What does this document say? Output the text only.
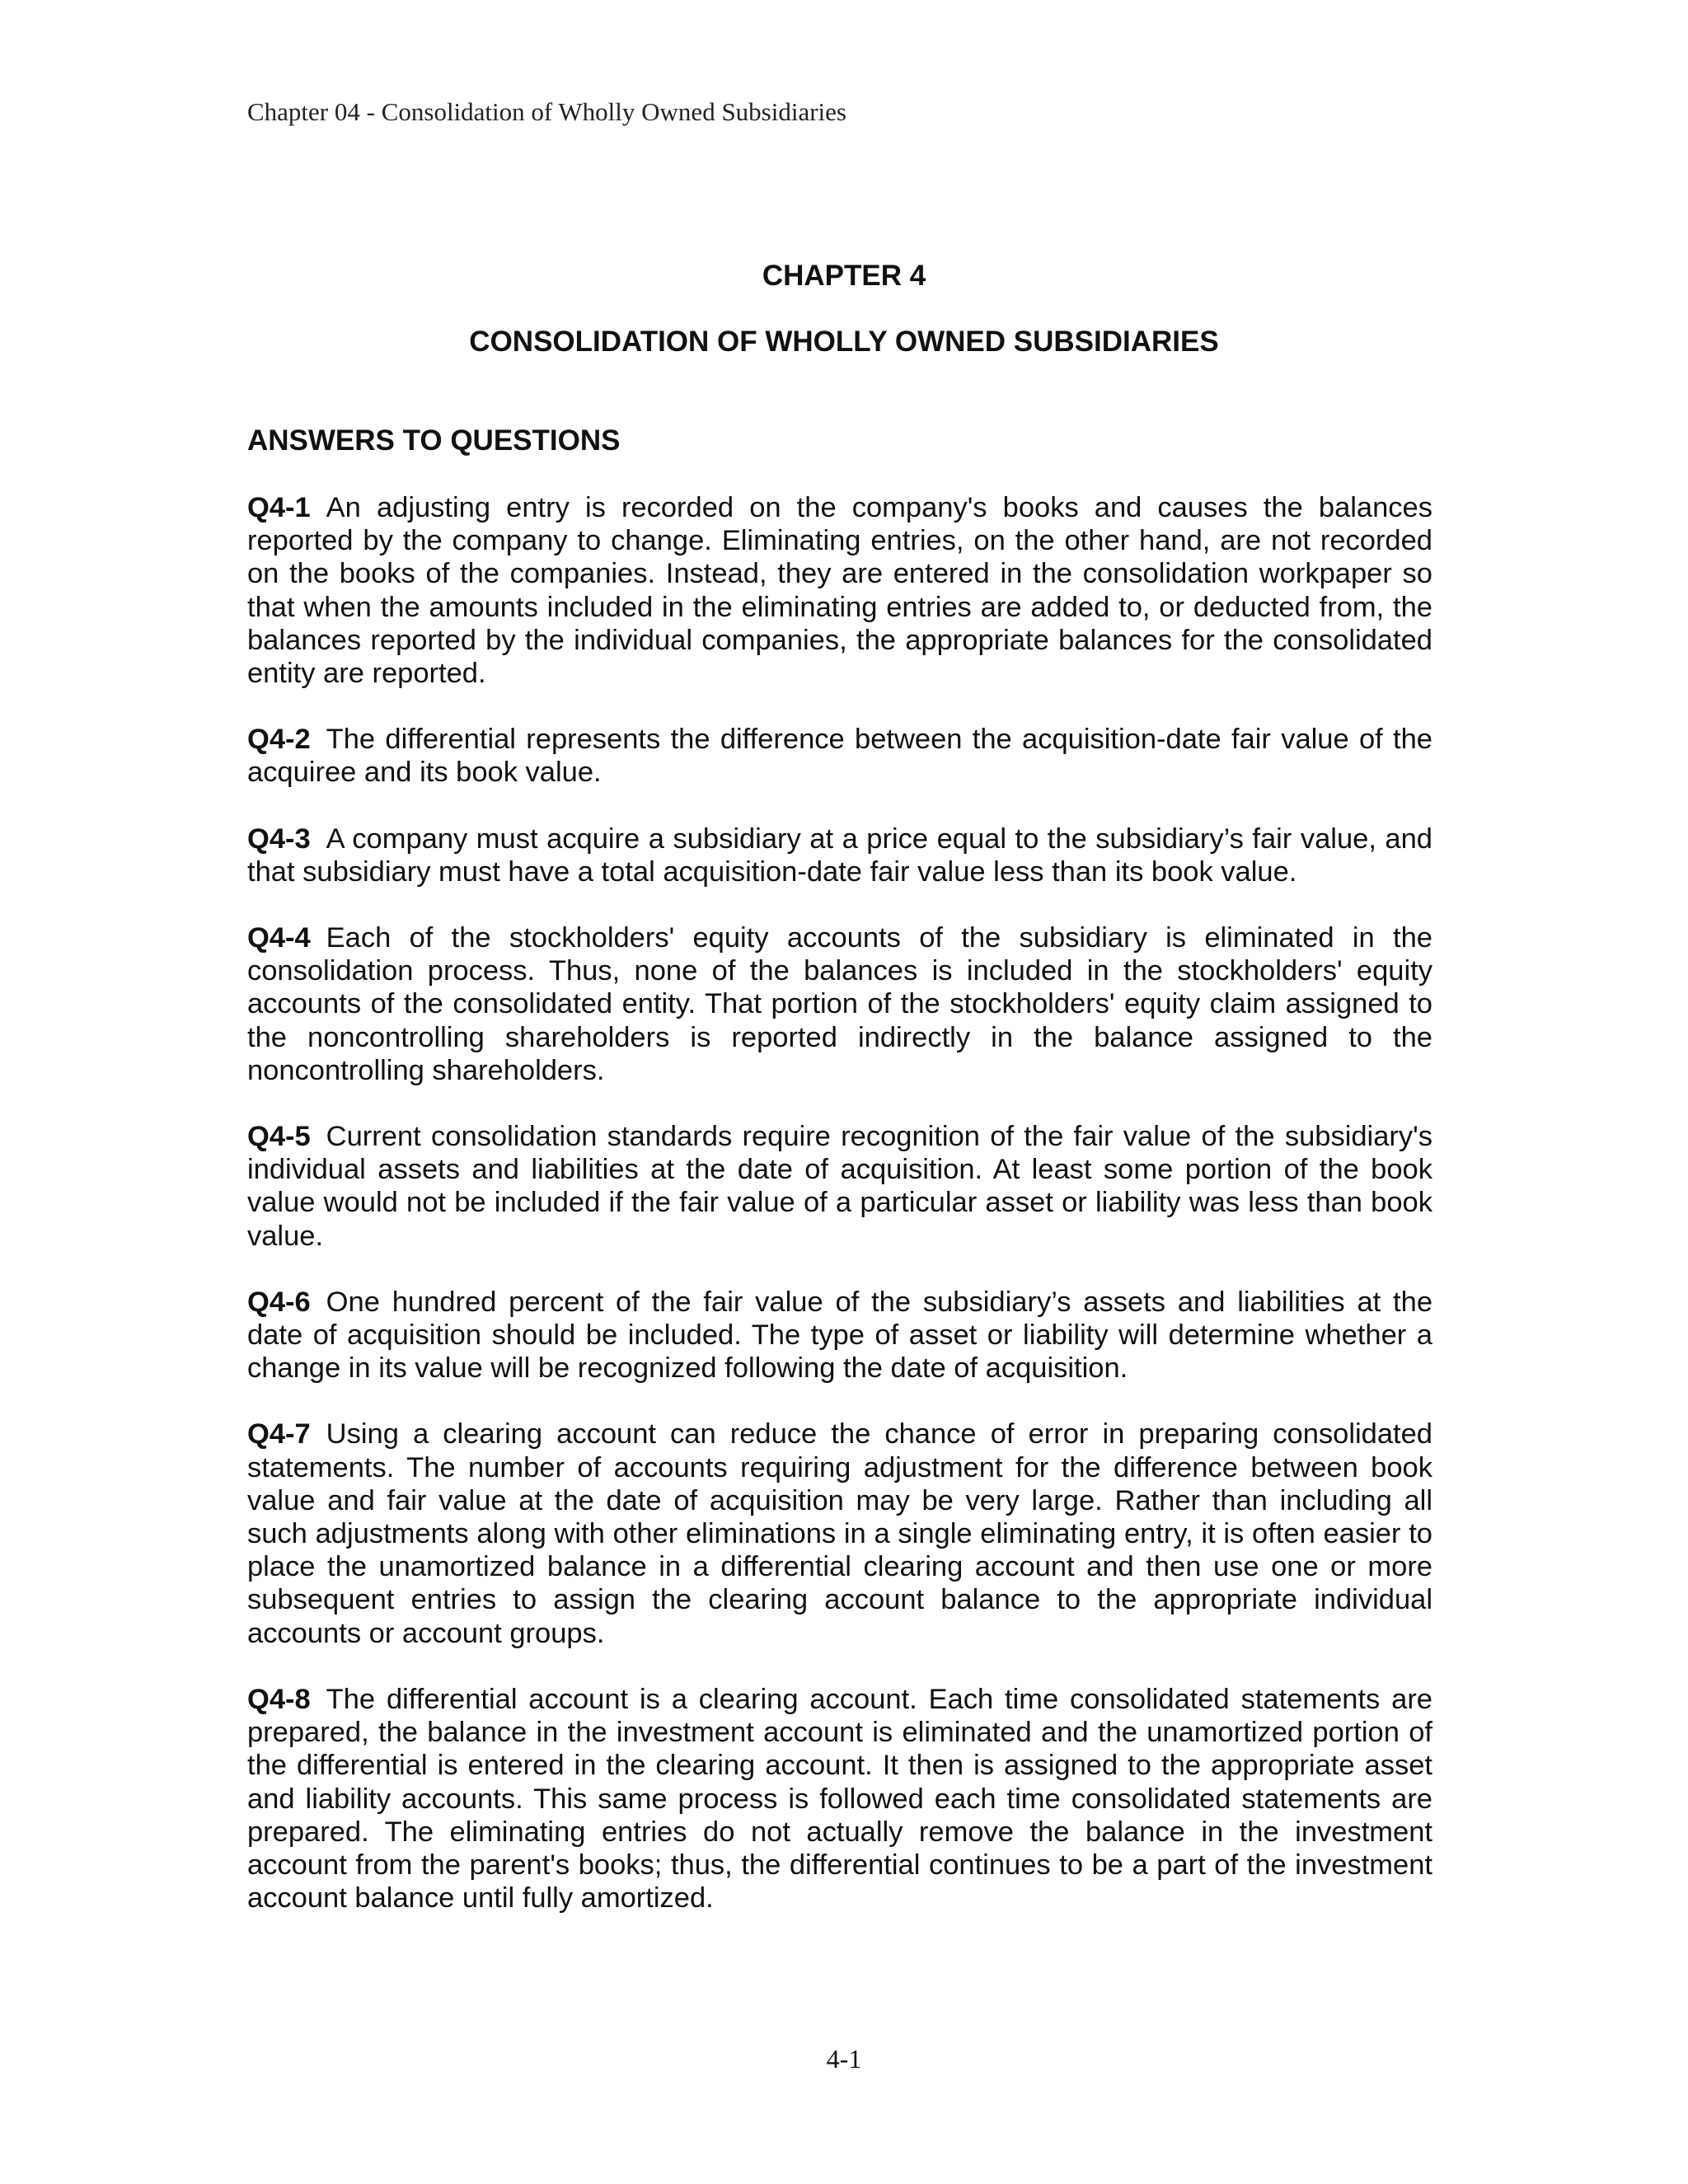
Chapter 04 - Consolidation of Wholly Owned Subsidiaries
CHAPTER 4
CONSOLIDATION OF WHOLLY OWNED SUBSIDIARIES
ANSWERS TO QUESTIONS

Q4-1 An adjusting entry is recorded on the company's books and causes the balances reported by the company to change. Eliminating entries, on the other hand, are not recorded on the books of the companies. Instead, they are entered in the consolidation workpaper so that when the amounts included in the eliminating entries are added to, or deducted from, the balances reported by the individual companies, the appropriate balances for the consolidated entity are reported.

Q4-2 The differential represents the difference between the acquisition-date fair value of the acquiree and its book value.

Q4-3 A company must acquire a subsidiary at a price equal to the subsidiary’s fair value, and that subsidiary must have a total acquisition-date fair value less than its book value.

Q4-4 Each of the stockholders' equity accounts of the subsidiary is eliminated in the consolidation process. Thus, none of the balances is included in the stockholders' equity accounts of the consolidated entity. That portion of the stockholders' equity claim assigned to the noncontrolling shareholders is reported indirectly in the balance assigned to the noncontrolling shareholders.

Q4-5 Current consolidation standards require recognition of the fair value of the subsidiary's individual assets and liabilities at the date of acquisition. At least some portion of the book value would not be included if the fair value of a particular asset or liability was less than book value.

Q4-6 One hundred percent of the fair value of the subsidiary’s assets and liabilities at the date of acquisition should be included. The type of asset or liability will determine whether a change in its value will be recognized following the date of acquisition.

Q4-7 Using a clearing account can reduce the chance of error in preparing consolidated statements. The number of accounts requiring adjustment for the difference between book value and fair value at the date of acquisition may be very large. Rather than including all such adjustments along with other eliminations in a single eliminating entry, it is often easier to place the unamortized balance in a differential clearing account and then use one or more subsequent entries to assign the clearing account balance to the appropriate individual accounts or account groups.

Q4-8 The differential account is a clearing account. Each time consolidated statements are prepared, the balance in the investment account is eliminated and the unamortized portion of the differential is entered in the clearing account. It then is assigned to the appropriate asset and liability accounts. This same process is followed each time consolidated statements are prepared. The eliminating entries do not actually remove the balance in the investment account from the parent's books; thus, the differential continues to be a part of the investment account balance until fully amortized.

4-1
